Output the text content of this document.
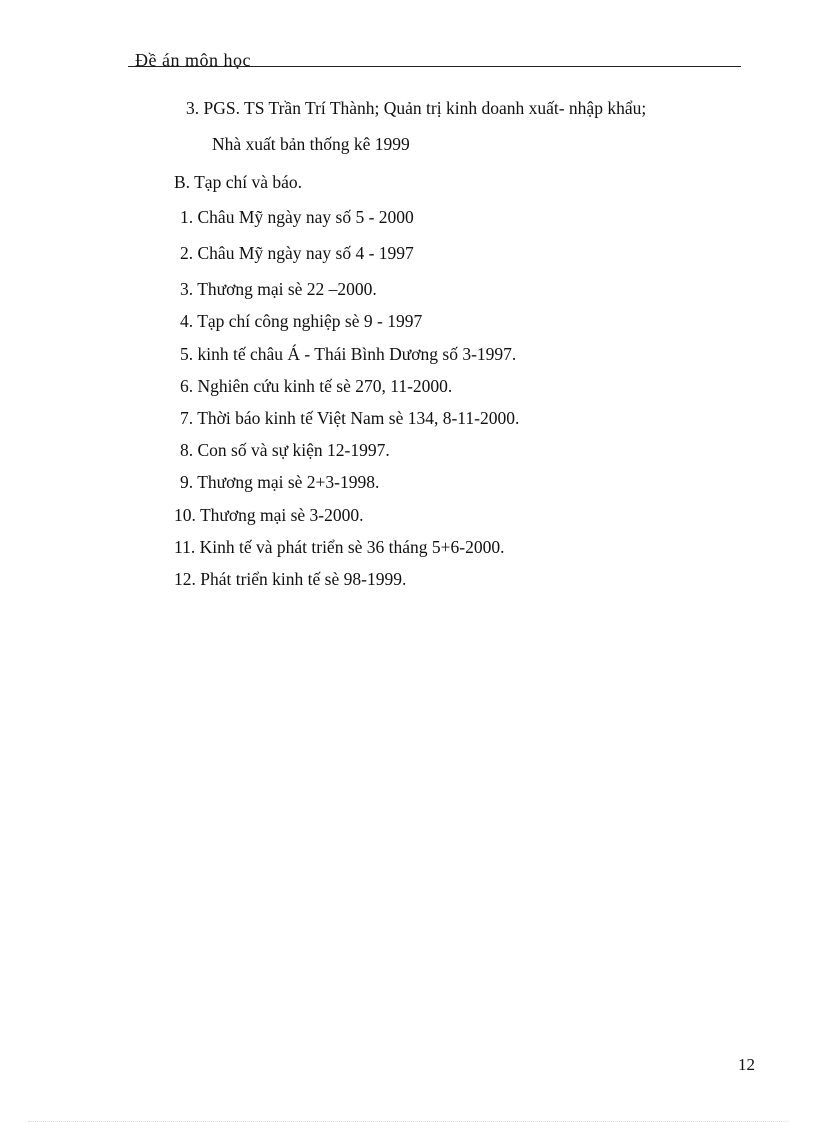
Đề án môn học
3. PGS. TS Trần Trí Thành; Quản trị kinh doanh xuất- nhập khẩu;
Nhà xuất bản thống kê 1999
B. Tạp chí và báo.
1. Châu Mỹ ngày nay số 5 - 2000
2. Châu Mỹ ngày nay số 4 - 1997
3. Thương mại sè 22 –2000.
4. Tạp chí công nghiệp sè 9 - 1997
5. kinh tế châu Á - Thái Bình Dương số 3-1997.
6. Nghiên cứu kinh tế sè 270, 11-2000.
7. Thời báo kinh tế Việt Nam sè 134, 8-11-2000.
8. Con số và sự kiện 12-1997.
9. Thương mại sè 2+3-1998.
10. Thương mại sè 3-2000.
11. Kinh tế và phát triển sè 36 tháng 5+6-2000.
12. Phát triển kinh tế sè 98-1999.
12
